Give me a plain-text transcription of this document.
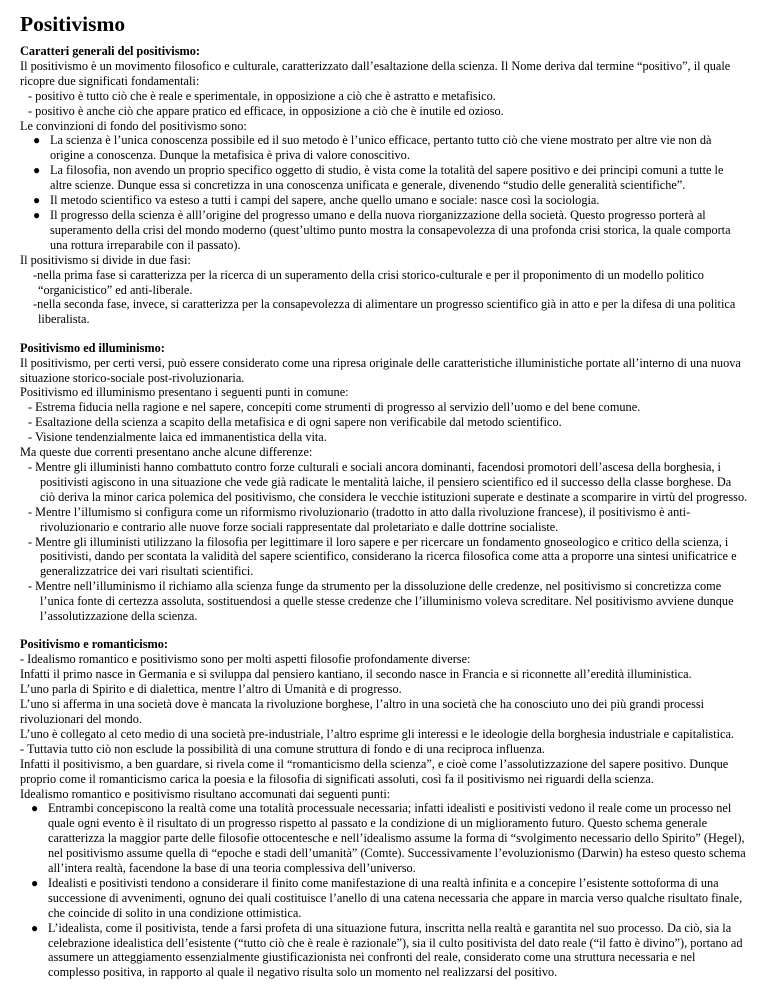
Positivismo

Caratteri generali del positivismo:

Il positivismo è un movimento filosofico e culturale, caratterizzato dall’esaltazione della scienza. Il Nome deriva dal termine “positivo”, il quale ricopre due significati fondamentali:

- positivo è tutto ciò che è reale e sperimentale, in opposizione a ciò che è astratto e metafisico.

- positivo è anche ciò che appare pratico ed efficace, in opposizione a ciò che è inutile ed ozioso.

Le convinzioni di fondo del positivismo sono:

● La scienza è l’unica conoscenza possibile ed il suo metodo è l’unico efficace, pertanto tutto ciò che viene mostrato per altre vie non dà origine a conoscenza. Dunque la metafisica è priva di valore conoscitivo.
● La filosofia, non avendo un proprio specifico oggetto di studio, è vista come la totalità del sapere positivo e dei principi comuni a tutte le altre scienze. Dunque essa si concretizza in una conoscenza unificata e generale, divenendo “studio delle generalità scientifiche”.
● Il metodo scientifico va esteso a tutti i campi del sapere, anche quello umano e sociale: nasce così la sociologia.
● Il progresso della scienza è alll’origine del progresso umano e della nuova riorganizzazione della società. Questo progresso porterà al superamento della crisi del mondo moderno (quest’ultimo punto mostra la consapevolezza di una profonda crisi storica, la quale comporta una rottura irreparabile con il passato).

Il positivismo si divide in due fasi:

-nella prima fase si caratterizza per la ricerca di un superamento della crisi storico-culturale e per il proponimento di un modello politico “organicistico” ed anti-liberale.

-nella seconda fase, invece, si caratterizza per la consapevolezza di alimentare un progresso scientifico già in atto e per la difesa di una politica liberalista.

Positivismo ed illuminismo:

Il positivismo, per certi versi, può essere considerato come una ripresa originale delle caratteristiche illuministiche portate all’interno di una nuova situazione storico-sociale post-rivoluzionaria.

Positivismo ed illuminismo presentano i seguenti punti in comune:

- Estrema fiducia nella ragione e nel sapere, concepiti come strumenti di progresso al servizio dell’uomo e del bene comune.

- Esaltazione della scienza a scapito della metafisica e di ogni sapere non verificabile dal metodo scientifico.

- Visione tendenzialmente laica ed immanentistica della vita.

Ma queste due correnti presentano anche alcune differenze:

- Mentre gli illuministi hanno combattuto contro forze culturali e sociali ancora dominanti, facendosi promotori dell’ascesa della borghesia, i positivisti agiscono in una situazione che vede già radicate le mentalità laiche, il pensiero scientifico ed il successo della classe borghese. Da ciò deriva la minor carica polemica del positivismo, che considera le vecchie istituzioni superate e destinate a scomparire in virtù del progresso.

- Mentre l’illumismo si configura come un riformismo rivoluzionario (tradotto in atto dalla rivoluzione francese), il positivismo è anti-rivoluzionario e contrario alle nuove forze sociali rappresentate dal proletariato e dalle dottrine socialiste.

- Mentre gli illuministi utilizzano la filosofia per legittimare il loro sapere e per ricercare un fondamento gnoseologico e critico della scienza, i positivisti, dando per scontata la validità del sapere scientifico, considerano la ricerca filosofica come atta a proporre una sintesi unificatrice e generalizzatrice dei vari risultati scientifici.

- Mentre nell’illuminismo il richiamo alla scienza funge da strumento per la dissoluzione delle credenze, nel positivismo si concretizza come l’unica fonte di certezza assoluta, sostituendosi a quelle stesse credenze che l’illuminismo voleva screditare. Nel positivismo avviene dunque l’assolutizzazione della scienza.

Positivismo e romanticismo:

- Idealismo romantico e positivismo sono per molti aspetti filosofie profondamente diverse:

Infatti il primo nasce in Germania e si sviluppa dal pensiero kantiano, il secondo nasce in Francia e si riconnette all’eredità illuministica.

L’uno parla di Spirito e di dialettica, mentre l’altro di Umanità e di progresso.

L’uno si afferma in una società dove è mancata la rivoluzione borghese, l’altro in una società che ha conosciuto uno dei più grandi processi rivoluzionari del mondo.

L’uno è collegato al ceto medio di una società pre-industriale, l’altro esprime gli interessi e le ideologie della borghesia industriale e capitalistica.

- Tuttavia tutto ciò non esclude la possibilità di una comune struttura di fondo e di una reciproca influenza.

Infatti il positivismo, a ben guardare, si rivela come il “romanticismo della scienza”, e cioè come l’assolutizzazione del sapere positivo. Dunque proprio come il romanticismo carica la poesia e la filosofia di significati assoluti, così fa il positivismo nei riguardi della scienza.

Idealismo romantico e positivismo risultano accomunati dai seguenti punti:

● Entrambi concepiscono la realtà come una totalità processuale necessaria; infatti idealisti e positivisti vedono il reale come un processo nel quale ogni evento è il risultato di un progresso rispetto al passato e la condizione di un miglioramento futuro. Questo schema generale caratterizza la maggior parte delle filosofie ottocentesche e nell’idealismo assume la forma di “svolgimento necessario dello Spirito” (Hegel), nel positivismo assume quella di “epoche e stadi dell’umanità” (Comte). Successivamente l’evoluzionismo (Darwin) ha esteso questo schema all’intera realtà, facendone la base di una teoria complessiva dell’universo.
● Idealisti e positivisti tendono a considerare il finito come manifestazione di una realtà infinita e a concepire l’esistente sottoforma di una successione di avvenimenti, ognuno dei quali costituisce l’anello di una catena necessaria che appare in marcia verso qualche risultato finale, che coincide di solito in una condizione ottimistica.
● L’idealista, come il positivista, tende a farsi profeta di una situazione futura, inscritta nella realtà e garantita nel suo processo. Da ciò, sia la celebrazione idealistica dell’esistente (“tutto ciò che è reale è razionale”), sia il culto positivista del dato reale (“il fatto è divino”), portano ad assumere un atteggiamento essenzialmente giustificazionista nei confronti del reale, considerato come una struttura necessaria e nel complesso positiva, in rapporto al quale il negativo risulta solo un momento nel realizzarsi del positivo.
